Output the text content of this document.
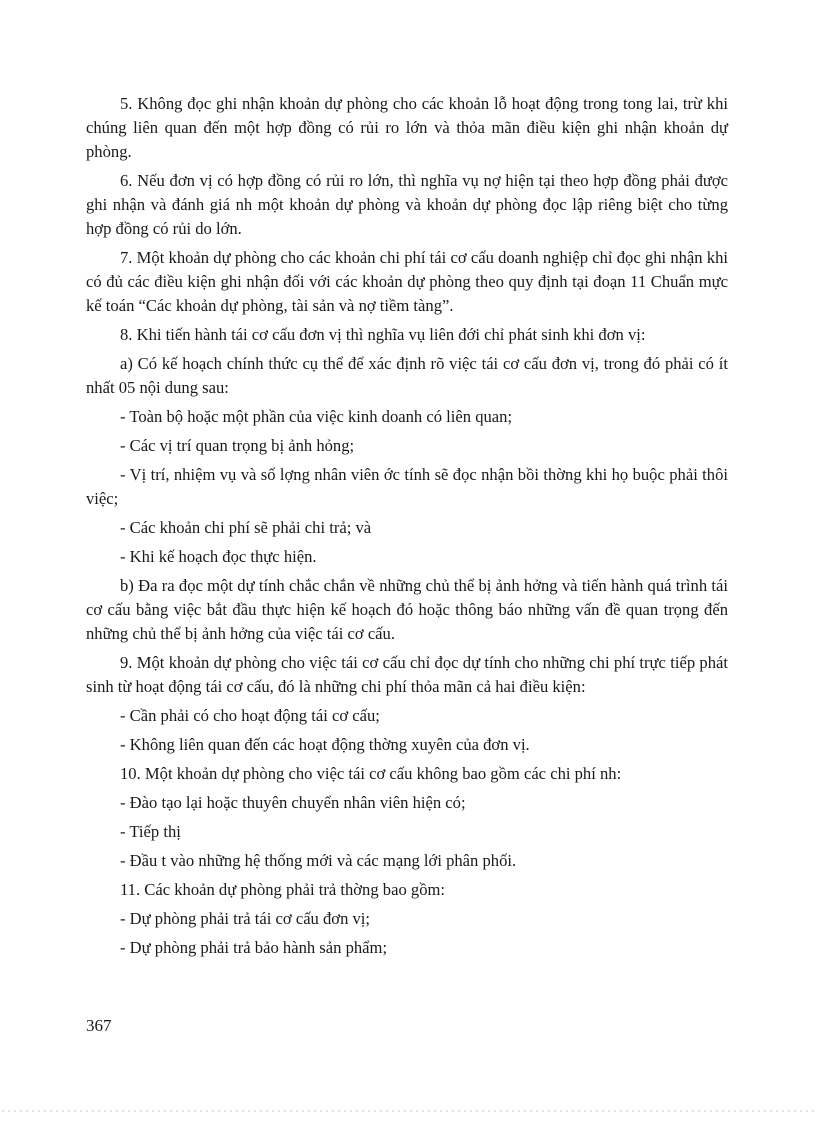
5. Không đọc ghi nhận khoản dự phòng cho các khoản lỗ hoạt động trong tong lai, trừ khi chúng liên quan đến một hợp đồng có rủi ro lớn và thỏa mãn điều kiện ghi nhận khoản dự phòng.

6. Nếu đơn vị có hợp đồng có rủi ro lớn, thì nghĩa vụ nợ hiện tại theo hợp đồng phải được ghi nhận và đánh giá nh một khoản dự phòng và khoản dự phòng đọc lập riêng biệt cho từng hợp đồng có rủi do lớn.

7. Một khoản dự phòng cho các khoản chi phí tái cơ cấu doanh nghiệp chỉ đọc ghi nhận khi có đủ các điều kiện ghi nhận đối với các khoản dự phòng theo quy định tại đoạn 11 Chuẩn mực kế toán “Các khoản dự phòng, tài sản và nợ tiềm tàng”.

8. Khi tiến hành tái cơ cấu đơn vị thì nghĩa vụ liên đới chỉ phát sinh khi đơn vị:

a) Có kế hoạch chính thức cụ thể để xác định rõ việc tái cơ cấu đơn vị, trong đó phải có ít nhất 05 nội dung sau:

- Toàn bộ hoặc một phần của việc kinh doanh có liên quan;

- Các vị trí quan trọng bị ảnh hỏng;

- Vị trí, nhiệm vụ và số lợng nhân viên ớc tính sẽ đọc nhận bồi thờng khi họ buộc phải thôi việc;

- Các khoản chi phí sẽ phải chi trả; và

- Khi kế hoạch đọc thực hiện.

b) Đa ra đọc một dự tính chắc chắn về những chủ thể bị ảnh hởng và tiến hành quá trình tái cơ cấu bằng việc bắt đầu thực hiện kế hoạch đó hoặc thông báo những vấn đề quan trọng đến những chủ thể bị ảnh hởng của việc tái cơ cấu.

9. Một khoản dự phòng cho việc tái cơ cấu chỉ đọc dự tính cho những chi phí trực tiếp phát sinh từ hoạt động tái cơ cấu, đó là những chi phí thỏa mãn cả hai điều kiện:

- Cần phải có cho hoạt động tái cơ cấu;

- Không liên quan đến các hoạt động thờng xuyên của đơn vị.

10. Một khoản dự phòng cho việc tái cơ cấu không bao gồm các chi phí nh:

- Đào tạo lại hoặc thuyên chuyển nhân viên hiện có;

- Tiếp thị

- Đầu t vào những hệ thống mới và các mạng lới phân phối.

11. Các khoản dự phòng phải trả thờng bao gồm:

- Dự phòng phải trả tái cơ cấu đơn vị;

- Dự phòng phải trả bảo hành sản phẩm;

367
